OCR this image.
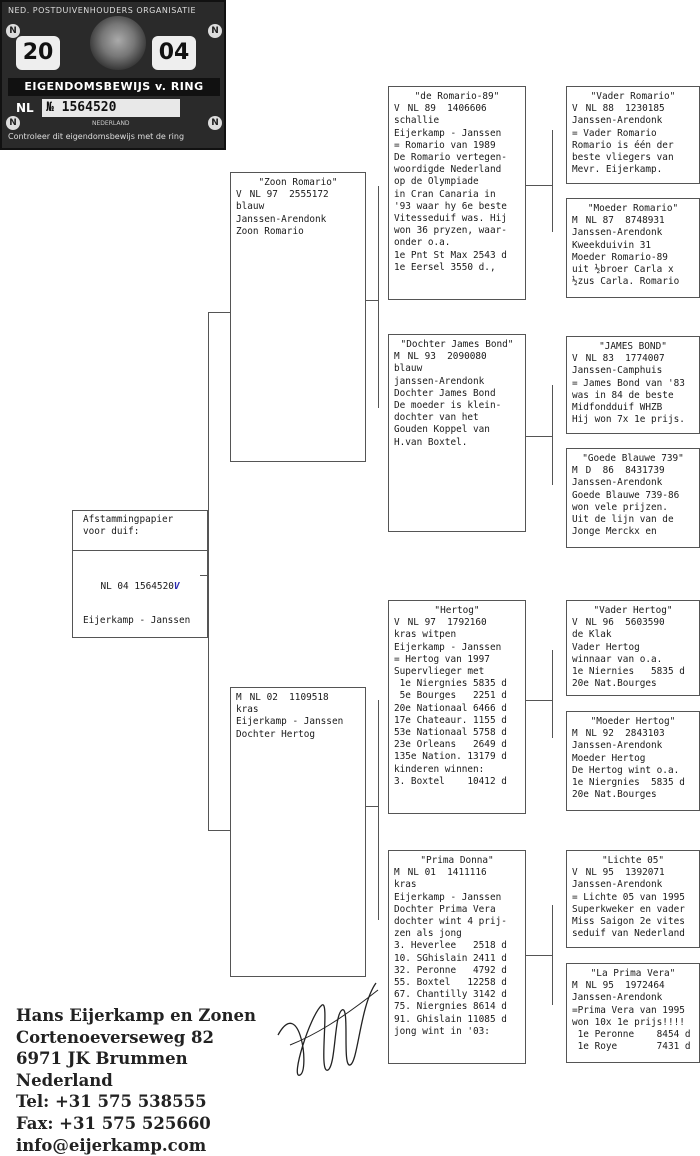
NED. POSTDUIVENHOUDERS ORGANISATIE
20	04
EIGENDOMSBEWIJS v. RING
NL № 1564520
NEDERLAND
Controleer dit eigendomsbewijs met de ring
N	N
N	N
Afstammingpapier
voor duif:
NL 04 1564520V
Eijerkamp - Janssen
"Zoon Romario"
V NL 97  2555172
blauw
Janssen-Arendonk
Zoon Romario
M NL 02  1109518
kras
Eijerkamp - Janssen
Dochter Hertog
"de Romario-89"
V NL 89  1406606
schallie
Eijerkamp - Janssen
= Romario van 1989
De Romario vertegen-
woordigde Nederland
op de Olympiade
in Cran Canaria in
'93 waar hy 6e beste
Vitesseduif was. Hij
won 36 pryzen, waar-
onder o.a.
1e Pnt St Max 2543 d
1e Eersel 3550 d.,
"Dochter James Bond"
M NL 93  2090080
blauw
janssen-Arendonk
Dochter James Bond
De moeder is klein-
dochter van het
Gouden Koppel van
H.van Boxtel.
"Hertog"
V NL 97  1792160
kras witpen
Eijerkamp - Janssen
= Hertog van 1997
Supervlieger met
1e Niergnies 5835 d
5e Bourges   2251 d
20e Nationaal 6466 d
17e Chateaur. 1155 d
53e Nationaal 5758 d
23e Orleans   2649 d
135e Nation. 13179 d
kinderen winnen:
3. Boxtel    10412 d
"Prima Donna"
M NL 01  1411116
kras
Eijerkamp - Janssen
Dochter Prima Vera
dochter wint 4 prij-
zen als jong
3. Heverlee   2518 d
10. SGhislain 2411 d
32. Peronne   4792 d
55. Boxtel   12258 d
67. Chantilly 3142 d
75. Niergnies 8614 d
91. Ghislain 11085 d
jong wint in '03:
"Vader Romario"
V NL 88  1230185
Janssen-Arendonk
= Vader Romario
Romario is één der
beste vliegers van
Mevr. Eijerkamp.
"Moeder Romario"
M NL 87  8748931
Janssen-Arendonk
Kweekduivin 31
Moeder Romario-89
uit ½broer Carla x
½zus Carla. Romario
"JAMES BOND"
V NL 83  1774007
Janssen-Camphuis
= James Bond van '83
was in 84 de beste
Midfondduif WHZB
Hij won 7x 1e prijs.
"Goede Blauwe 739"
M D  86  8431739
Janssen-Arendonk
Goede Blauwe 739-86
won vele prijzen.
Uit de lijn van de
Jonge Merckx en
"Vader Hertog"
V NL 96  5603590
de Klak
Vader Hertog
winnaar van o.a.
1e Niernies   5835 d
20e Nat.Bourges
"Moeder Hertog"
M NL 92  2843103
Janssen-Arendonk
Moeder Hertog
De Hertog wint o.a.
1e Niergnies  5835 d
20e Nat.Bourges
"Lichte 05"
V NL 95  1392071
Janssen-Arendonk
= Lichte 05 van 1995
Superkweker en vader
Miss Saigon 2e vites
seduif van Nederland
"La Prima Vera"
M NL 95  1972464
Janssen-Arendonk
=Prima Vera van 1995
won 10x 1e prijs!!!!
1e Peronne    8454 d
1e Roye       7431 d
Hans Eijerkamp en Zonen
Cortenoeverseweg 82
6971 JK Brummen
Nederland
Tel: +31 575 538555
Fax: +31 575 525660
info@eijerkamp.com
